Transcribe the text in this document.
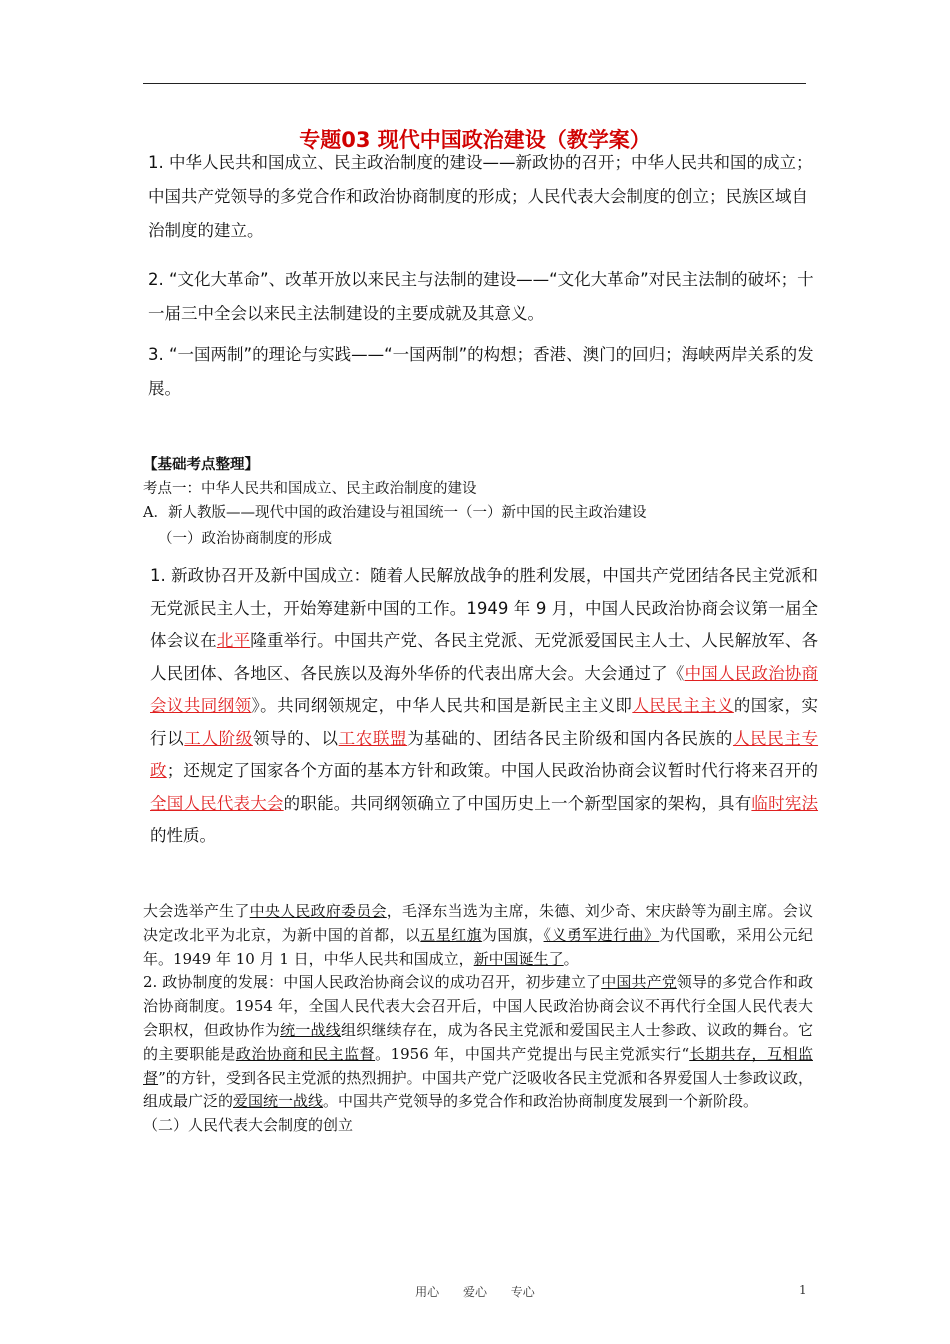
专题03 现代中国政治建设（教学案）

1. 中华人民共和国成立、民主政治制度的建设——新政协的召开；中华人民共和国的成立；中国共产党领导的多党合作和政治协商制度的形成；人民代表大会制度的创立；民族区域自治制度的建立。

2. “文化大革命”、改革开放以来民主与法制的建设——“文化大革命”对民主法制的破坏；十一届三中全会以来民主法制建设的主要成就及其意义。

3. “一国两制”的理论与实践——“一国两制”的构想；香港、澳门的回归；海峡两岸关系的发展。

【基础考点整理】
考点一：中华人民共和国成立、民主政治制度的建设
A．新人教版——现代中国的政治建设与祖国统一（一）新中国的民主政治建设
（一）政治协商制度的形成

1. 新政协召开及新中国成立：随着人民解放战争的胜利发展，中国共产党团结各民主党派和无党派民主人士，开始筹建新中国的工作。1949 年 9 月，中国人民政治协商会议第一届全体会议在北平隆重举行。中国共产党、各民主党派、无党派爱国民主人士、人民解放军、各人民团体、各地区、各民族以及海外华侨的代表出席大会。大会通过了《中国人民政治协商会议共同纲领》。共同纲领规定，中华人民共和国是新民主主义即人民民主主义的国家，实行以工人阶级领导的、以工农联盟为基础的、团结各民主阶级和国内各民族的人民民主专政；还规定了国家各个方面的基本方针和政策。中国人民政治协商会议暂时代行将来召开的全国人民代表大会的职能。共同纲领确立了中国历史上一个新型国家的架构，具有临时宪法的性质。

大会选举产生了中央人民政府委员会，毛泽东当选为主席，朱德、刘少奇、宋庆龄等为副主席。会议决定改北平为北京，为新中国的首都，以五星红旗为国旗，《义勇军进行曲》为代国歌，采用公元纪年。1949 年 10 月 1 日，中华人民共和国成立，新中国诞生了。

2. 政协制度的发展：中国人民政治协商会议的成功召开，初步建立了中国共产党领导的多党合作和政治协商制度。1954 年，全国人民代表大会召开后，中国人民政治协商会议不再代行全国人民代表大会职权，但政协作为统一战线组织继续存在，成为各民主党派和爱国民主人士参政、议政的舞台。它的主要职能是政治协商和民主监督。1956 年，中国共产党提出与民主党派实行“长期共存，互相监督”的方针，受到各民主党派的热烈拥护。中国共产党广泛吸收各民主党派和各界爱国人士参政议政，组成最广泛的爱国统一战线。中国共产党领导的多党合作和政治协商制度发展到一个新阶段。

（二）人民代表大会制度的创立

用心 爱心 专心	1
